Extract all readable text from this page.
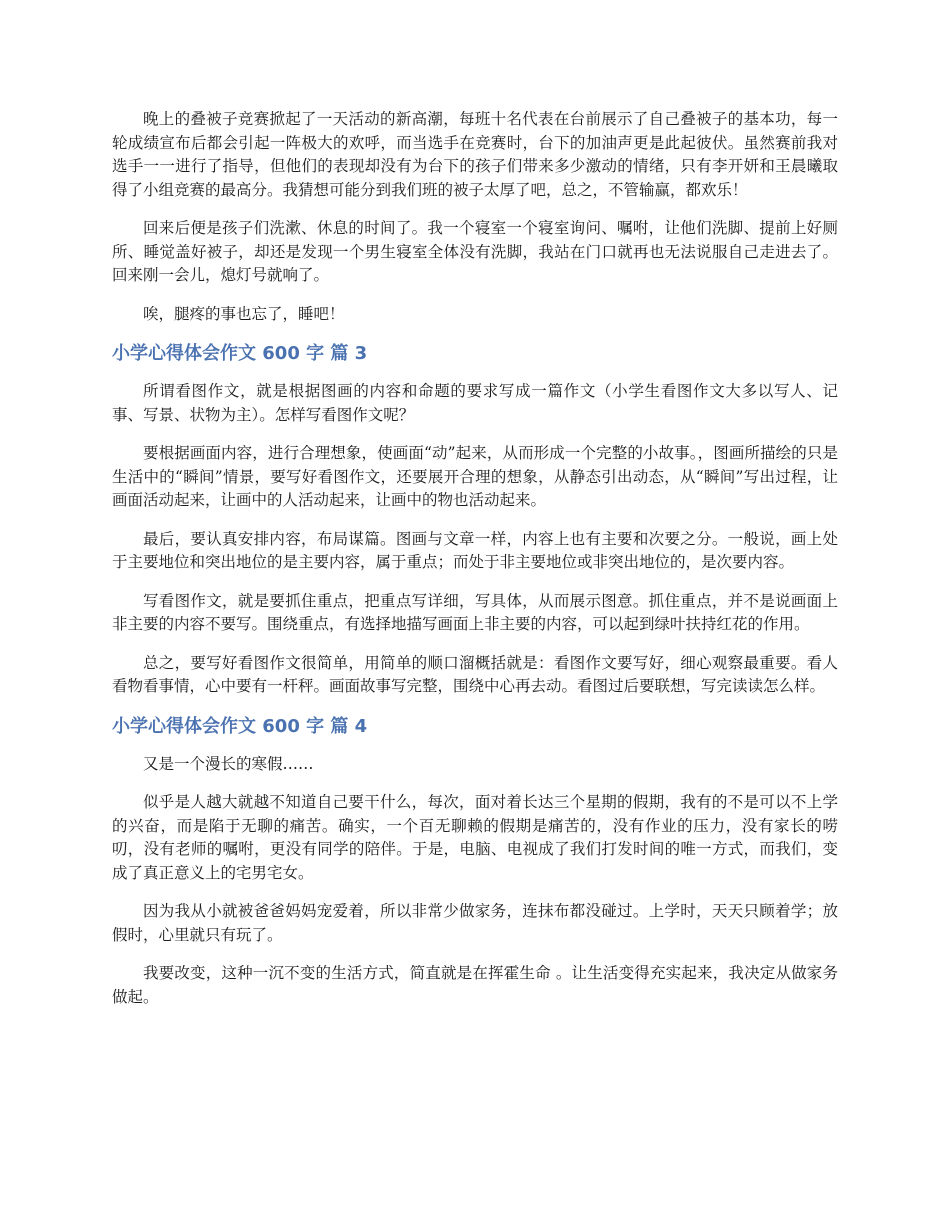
晚上的叠被子竞赛掀起了一天活动的新高潮，每班十名代表在台前展示了自己叠被子的基本功，每一轮成绩宣布后都会引起一阵极大的欢呼，而当选手在竞赛时，台下的加油声更是此起彼伏。虽然赛前我对选手一一进行了指导，但他们的表现却没有为台下的孩子们带来多少激动的情绪，只有李开妍和王晨曦取得了小组竞赛的最高分。我猜想可能分到我们班的被子太厚了吧，总之，不管输赢，都欢乐！

回来后便是孩子们洗漱、休息的时间了。我一个寝室一个寝室询问、嘱咐，让他们洗脚、提前上好厕所、睡觉盖好被子，却还是发现一个男生寝室全体没有洗脚，我站在门口就再也无法说服自己走进去了。回来刚一会儿，熄灯号就响了。

唉，腿疼的事也忘了，睡吧！

小学心得体会作文 600 字 篇 3

所谓看图作文，就是根据图画的内容和命题的要求写成一篇作文（小学生看图作文大多以写人、记事、写景、状物为主）。怎样写看图作文呢？

要根据画面内容，进行合理想象，使画面“动”起来，从而形成一个完整的小故事。，图画所描绘的只是生活中的“瞬间”情景，要写好看图作文，还要展开合理的想象，从静态引出动态，从“瞬间”写出过程，让画面活动起来，让画中的人活动起来，让画中的物也活动起来。

最后，要认真安排内容，布局谋篇。图画与文章一样，内容上也有主要和次要之分。一般说，画上处于主要地位和突出地位的是主要内容，属于重点；而处于非主要地位或非突出地位的，是次要内容。

写看图作文，就是要抓住重点，把重点写详细，写具体，从而展示图意。抓住重点，并不是说画面上非主要的内容不要写。围绕重点，有选择地描写画面上非主要的内容，可以起到绿叶扶持红花的作用。

总之，要写好看图作文很简单，用简单的顺口溜概括就是：看图作文要写好，细心观察最重要。看人看物看事情，心中要有一杆秤。画面故事写完整，围绕中心再去动。看图过后要联想，写完读读怎么样。

小学心得体会作文 600 字 篇 4

又是一个漫长的寒假……

似乎是人越大就越不知道自己要干什么，每次，面对着长达三个星期的假期，我有的不是可以不上学的兴奋，而是陷于无聊的痛苦。确实，一个百无聊赖的假期是痛苦的，没有作业的压力，没有家长的唠叨，没有老师的嘱咐，更没有同学的陪伴。于是，电脑、电视成了我们打发时间的唯一方式，而我们，变成了真正意义上的宅男宅女。

因为我从小就被爸爸妈妈宠爱着，所以非常少做家务，连抹布都没碰过。上学时，天天只顾着学；放假时，心里就只有玩了。

我要改变，这种一沉不变的生活方式，简直就是在挥霍生命 。让生活变得充实起来，我决定从做家务做起。
